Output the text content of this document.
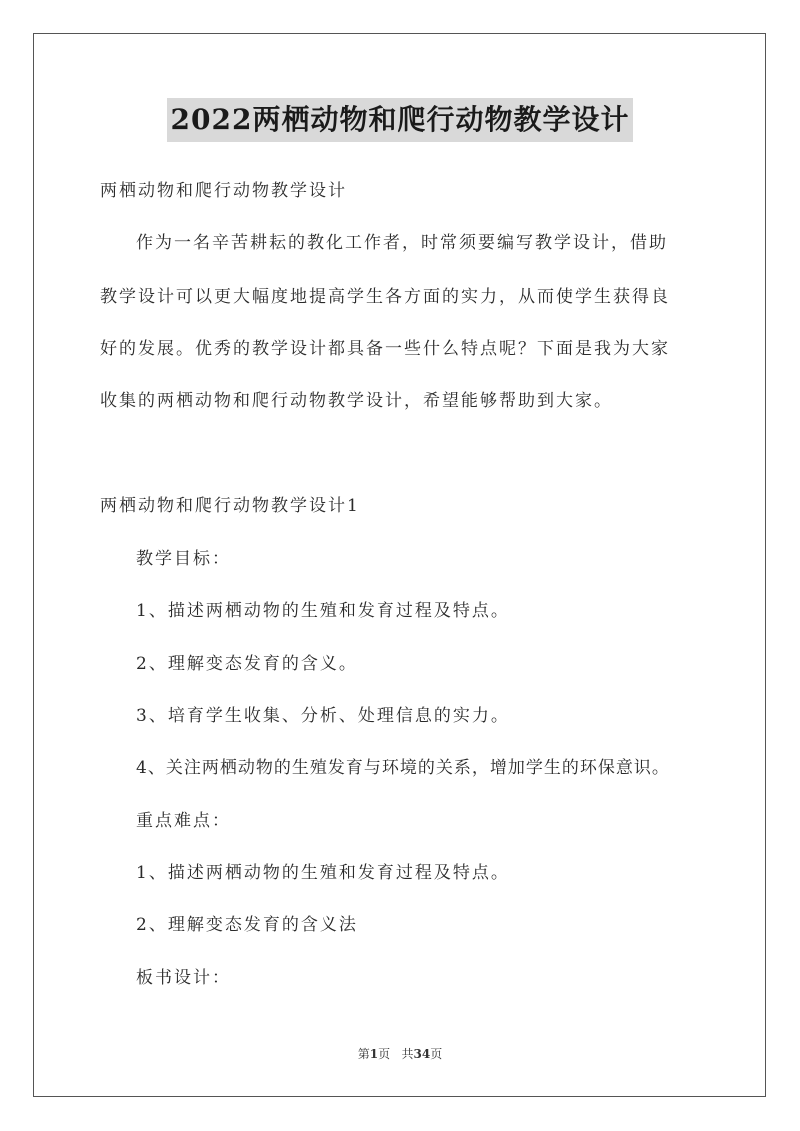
2022两栖动物和爬行动物教学设计
两栖动物和爬行动物教学设计
作为一名辛苦耕耘的教化工作者，时常须要编写教学设计，借助
教学设计可以更大幅度地提高学生各方面的实力，从而使学生获得良
好的发展。优秀的教学设计都具备一些什么特点呢？下面是我为大家
收集的两栖动物和爬行动物教学设计，希望能够帮助到大家。
两栖动物和爬行动物教学设计1
教学目标：
1、描述两栖动物的生殖和发育过程及特点。
2、理解变态发育的含义。
3、培育学生收集、分析、处理信息的实力。
4、关注两栖动物的生殖发育与环境的关系，增加学生的环保意识。
重点难点：
1、描述两栖动物的生殖和发育过程及特点。
2、理解变态发育的含义法
板书设计：
第1页   共34页
